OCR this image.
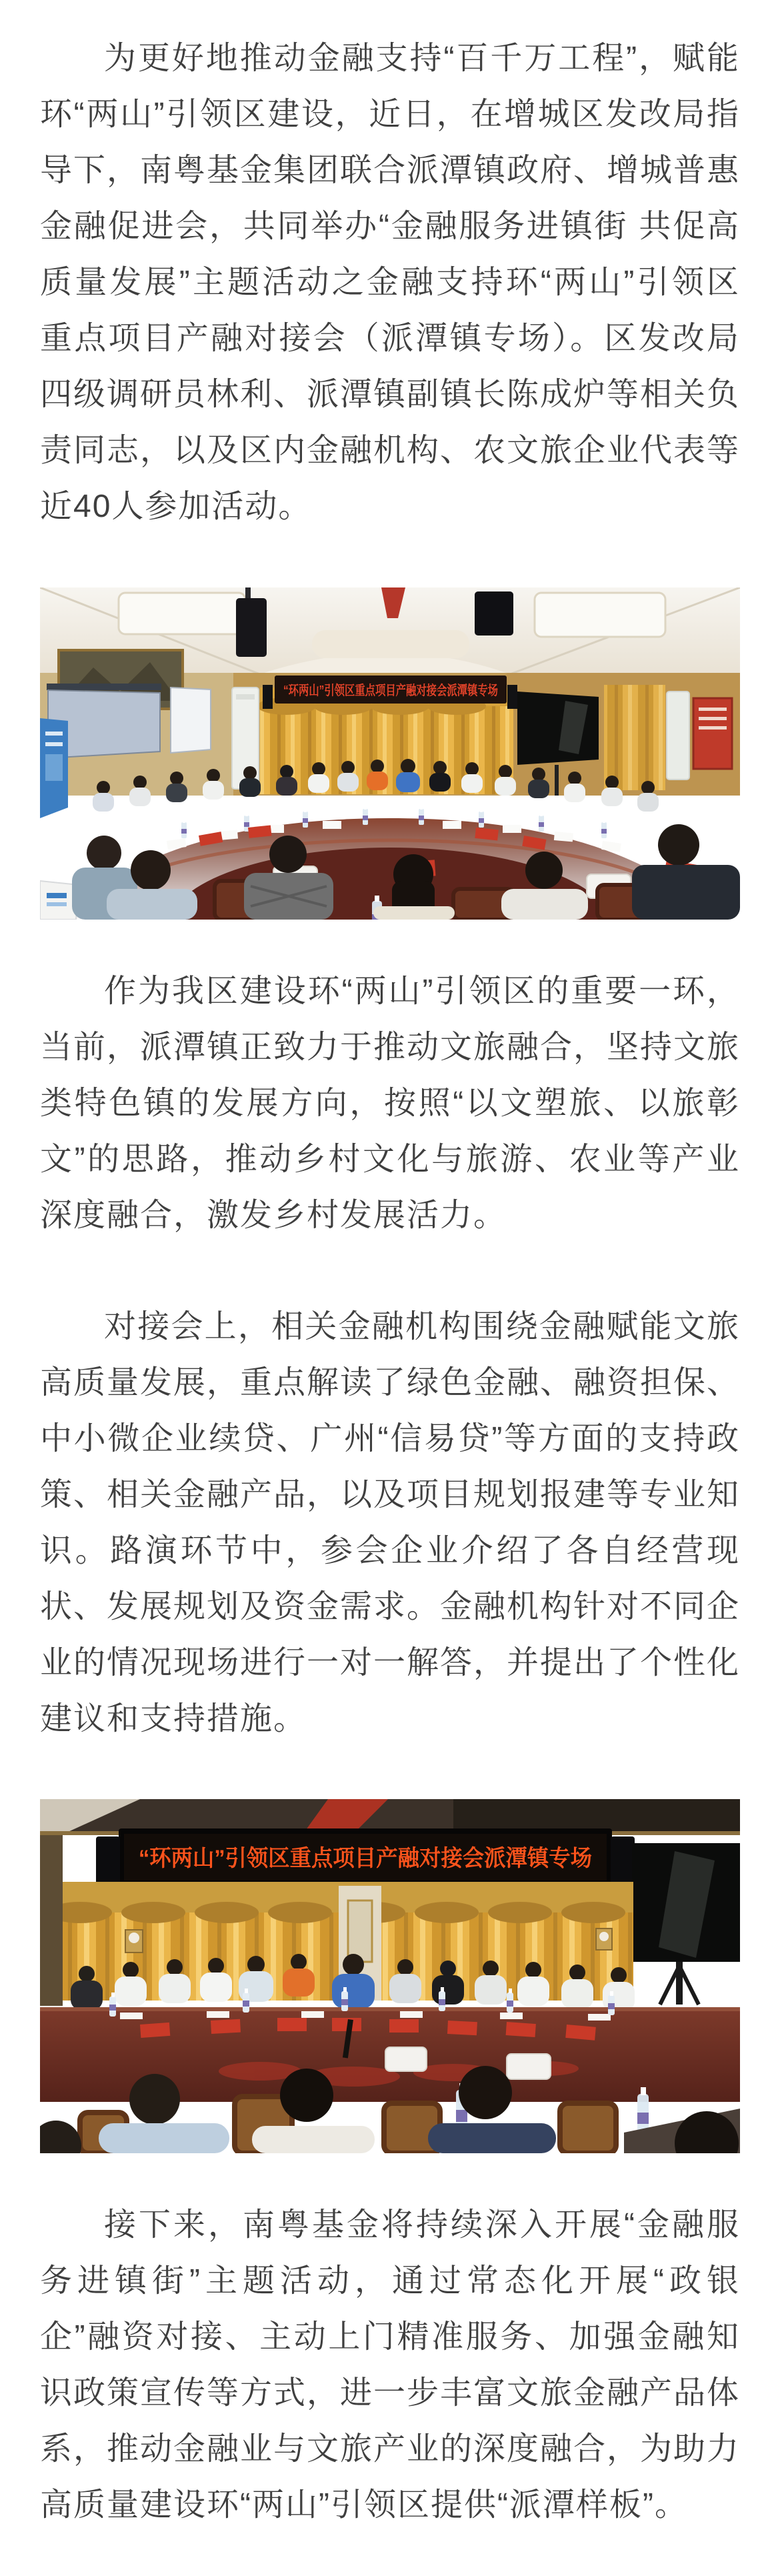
为更好地推动金融支持“百千万工程”，赋能环“两山”引领区建设，近日，在增城区发改局指导下，南粤基金集团联合派潭镇政府、增城普惠金融促进会，共同举办“金融服务进镇街 共促高质量发展”主题活动之金融支持环“两山”引领区重点项目产融对接会（派潭镇专场）。区发改局四级调研员林利、派潭镇副镇长陈成炉等相关负责同志，以及区内金融机构、农文旅企业代表等近40人参加活动。

“环两山”引领区重点项目产融对接会派潭镇专场

作为我区建设环“两山”引领区的重要一环，当前，派潭镇正致力于推动文旅融合，坚持文旅类特色镇的发展方向，按照“以文塑旅、以旅彰文”的思路，推动乡村文化与旅游、农业等产业深度融合，激发乡村发展活力。

对接会上，相关金融机构围绕金融赋能文旅高质量发展，重点解读了绿色金融、融资担保、中小微企业续贷、广州“信易贷”等方面的支持政策、相关金融产品，以及项目规划报建等专业知识。路演环节中，参会企业介绍了各自经营现状、发展规划及资金需求。金融机构针对不同企业的情况现场进行一对一解答，并提出了个性化建议和支持措施。

“环两山”引领区重点项目产融对接会派潭镇专场

接下来，南粤基金将持续深入开展“金融服务进镇街”主题活动，通过常态化开展“政银企”融资对接、主动上门精准服务、加强金融知识政策宣传等方式，进一步丰富文旅金融产品体系，推动金融业与文旅产业的深度融合，为助力高质量建设环“两山”引领区提供“派潭样板”。
